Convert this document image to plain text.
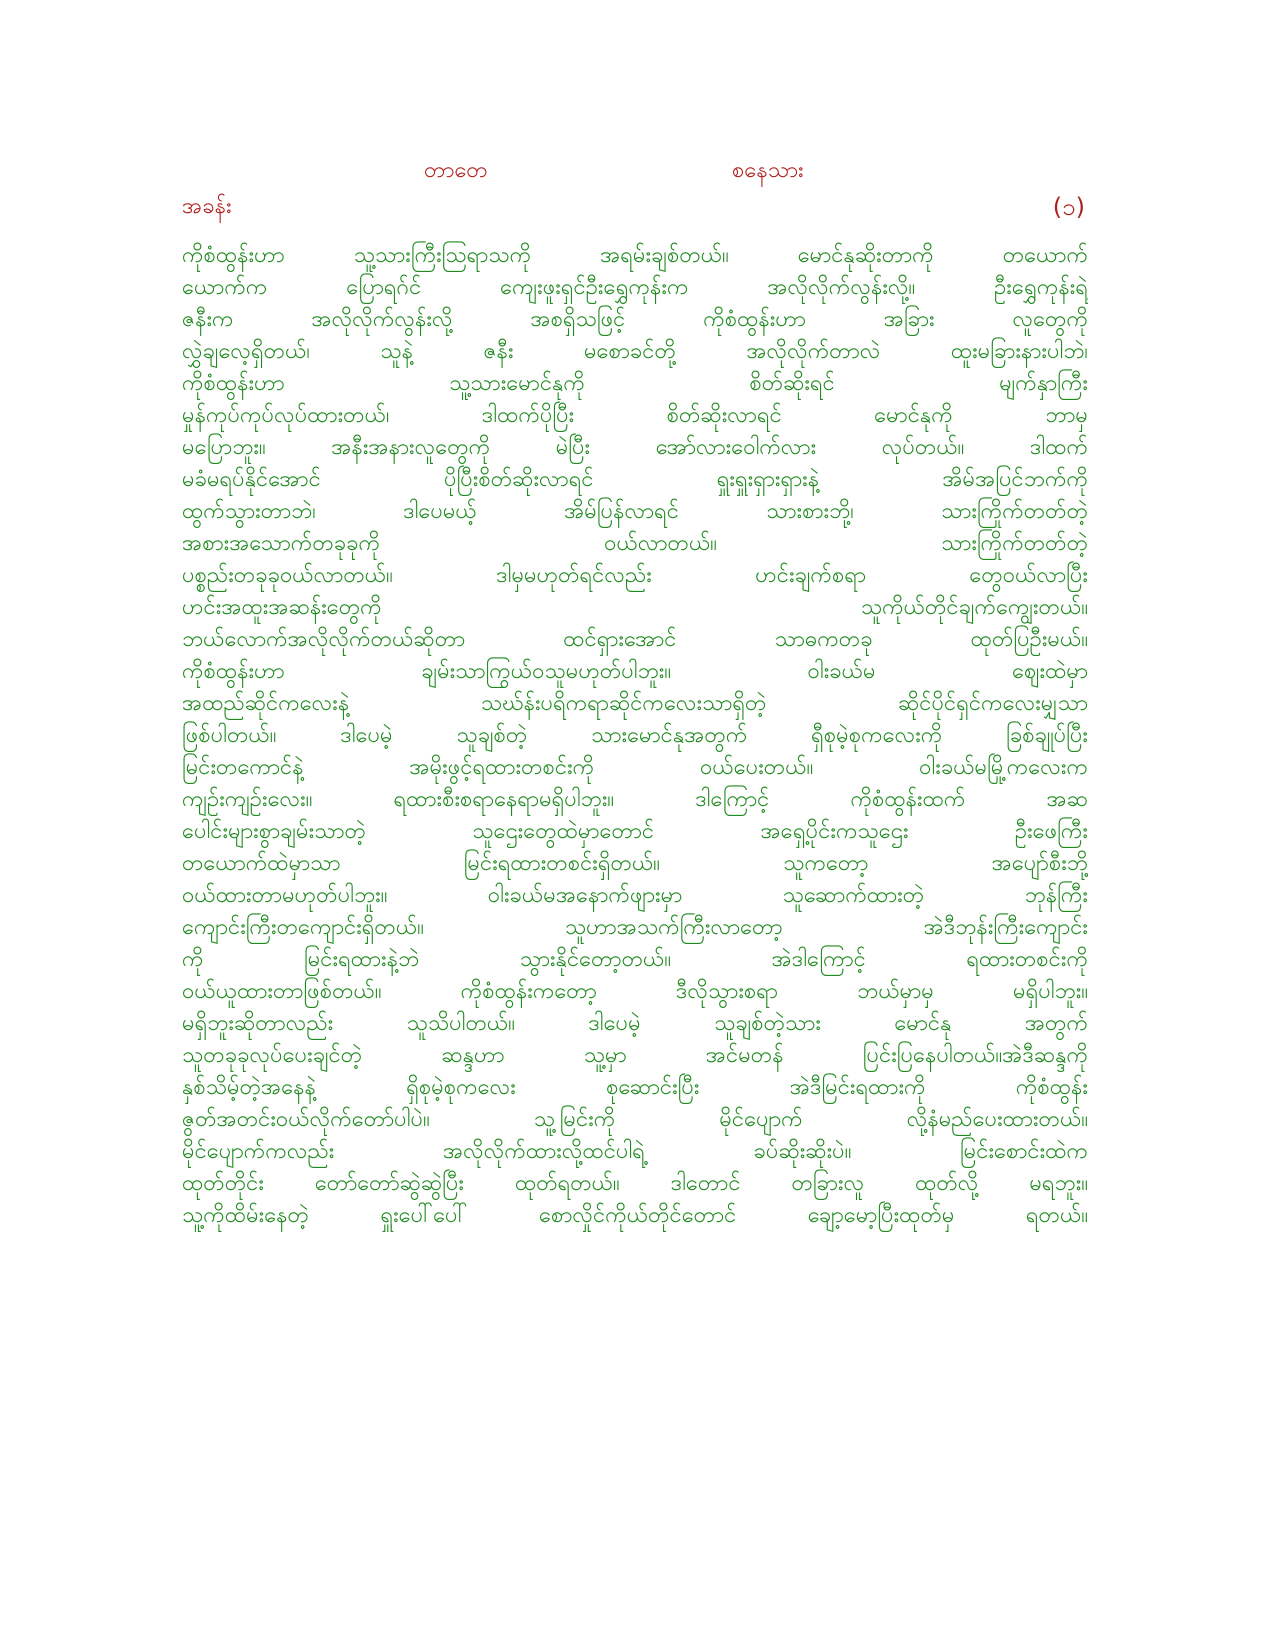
တာတေ	စနေသား
အခန်း	(၁)
ကိုစံထွန်းဟာ သူ့သားကြီးသြရာသကို အရမ်းချစ်တယ်။ မောင်နုဆိုးတာကို တယောက်
ယောက်က ပြောရဂ်င် ကျေးဖူးရှင်ဦးရွှေကုန်းက အလိုလိုက်လွန်းလို့။ ဦးရွှေကုန်းရဲ့
ဇနီးက အလိုလိုက်လွန်းလို့ အစရှိသဖြင့် ကိုစံထွန်းဟာ အခြား လူတွေကို
လွှဲချလေ့ရှိတယ်၊ သူနဲ့ ဇနီး မစောခင်တို့ အလိုလိုက်တာလဲ ထူးမခြားနားပါဘဲ၊
ကိုစံထွန်းဟာ သူ့သားမောင်နုကို စိတ်ဆိုးရင် မျက်နှာကြီး
မှုန်ကုပ်ကုပ်လုပ်ထားတယ်၊ ဒါထက်ပိုပြီး စိတ်ဆိုးလာရင် မောင်နုကို ဘာမှ
မပြောဘူး။ အနီးအနားလူတွေကို မဲပြီး အော်လားဝေါက်လား လုပ်တယ်။ ဒါထက်
မခံမရပ်နိုင်အောင် ပိုပြီးစိတ်ဆိုးလာရင် ရှူးရှူးရှားရှားနဲ့ အိမ်အပြင်ဘက်ကို
ထွက်သွားတာဘဲ၊ ဒါပေမယ့် အိမ်ပြန်လာရင် သားစားဘို့၊ သားကြိုက်တတ်တဲ့
အစားအသောက်တခုခုကို ဝယ်လာတယ်။ သားကြိုက်တတ်တဲ့
ပစ္စည်းတခုခုဝယ်လာတယ်။ ဒါမှမဟုတ်ရင်လည်း ဟင်းချက်စရာ တွေဝယ်လာပြီး
ဟင်းအထူးအဆန်းတွေကို သူကိုယ်တိုင်ချက်ကျွေးတယ်။
ဘယ်လောက်အလိုလိုက်တယ်ဆိုတာ ထင်ရှားအောင် သာဓကတခု ထုတ်ပြဦးမယ်။
ကိုစံထွန်းဟာ ချမ်းသာကြွယ်ဝသူမဟုတ်ပါဘူး။ ဝါးခယ်မ ဈေးထဲမှာ
အထည်ဆိုင်ကလေးနဲ့ သဃ်န်းပရိကရာဆိုင်ကလေးသာရှိတဲ့ ဆိုင်ပိုင်ရှင်ကလေးမျှသာ
ဖြစ်ပါတယ်။ ဒါပေမဲ့ သူချစ်တဲ့ သားမောင်နုအတွက် ရှီစုမဲ့စုကလေးကို ခြစ်ချုပ်ပြီး
မြင်းတကောင်နဲ့ အမိုးဖွင့်ရထားတစင်းကို ဝယ်ပေးတယ်။ ဝါးခယ်မမြို့ကလေးက
ကျဉ်းကျဉ်းလေး။ ရထားစီးစရာနေရာမရှိပါဘူး။ ဒါကြောင့် ကိုစံထွန်းထက် အဆ
ပေါင်းများစွာချမ်းသာတဲ့ သူဌေးတွေထဲမှာတောင် အရှေ့ပိုင်းကသူဌေး ဦးဖေကြီး
တယောက်ထဲမှာသာ မြင်းရထားတစင်းရှိတယ်။ သူကတော့ အပျော်စီးဘို့
ဝယ်ထားတာမဟုတ်ပါဘူး။ ဝါးခယ်မအနောက်ဖျားမှာ သူဆောက်ထားတဲ့ ဘုန်ကြီး
ကျောင်းကြီးတကျောင်းရှိတယ်။ သူဟာအသက်ကြီးလာတော့ အဲဒီဘုန်းကြီးကျောင်း
ကို မြင်းရထားနဲ့ဘဲ သွားနိုင်တော့တယ်။ အဲဒါကြောင့် ရထားတစင်းကို
ဝယ်ယူထားတာဖြစ်တယ်။ ကိုစံထွန်းကတော့ ဒီလိုသွားစရာ ဘယ်မှာမှ မရှိပါဘူး။
မရှိဘူးဆိုတာလည်း သူသိပါတယ်။ ဒါပေမဲ့ သူချစ်တဲ့သား မောင်နု အတွက်
သူတခုခုလုပ်ပေးချင်တဲ့ ဆန္ဒဟာ သူ့မှာ အင်မတန် ပြင်းပြနေပါတယ်။အဲဒီဆန္ဒကို
နှစ်သိမ့်တဲ့အနေနဲ့ ရှိစုမဲ့စုကလေး စုဆောင်းပြီး အဲဒီမြင်းရထားကို ကိုစံထွန်း
ဇွတ်အတင်းဝယ်လိုက်တော်ပါပဲ။ သူ့မြင်းကို မိုင်ပျောက် လို့နံမည်ပေးထားတယ်။
မိုင်ပျောက်ကလည်း အလိုလိုက်ထားလို့ထင်ပါရဲ့ ခပ်ဆိုးဆိုးပဲ။ မြင်းစောင်းထဲက
ထုတ်တိုင်း တော်တော်ဆွဲဆွဲပြီး ထုတ်ရတယ်။ ဒါတောင် တခြားလူ ထုတ်လို့ မရဘူး။
သူ့ကိုထိမ်းနေတဲ့ ရှူးပေါ်ပေါ် စောလှိုင်ကိုယ်တိုင်တောင် ချော့မော့ပြီးထုတ်မှ ရတယ်။
